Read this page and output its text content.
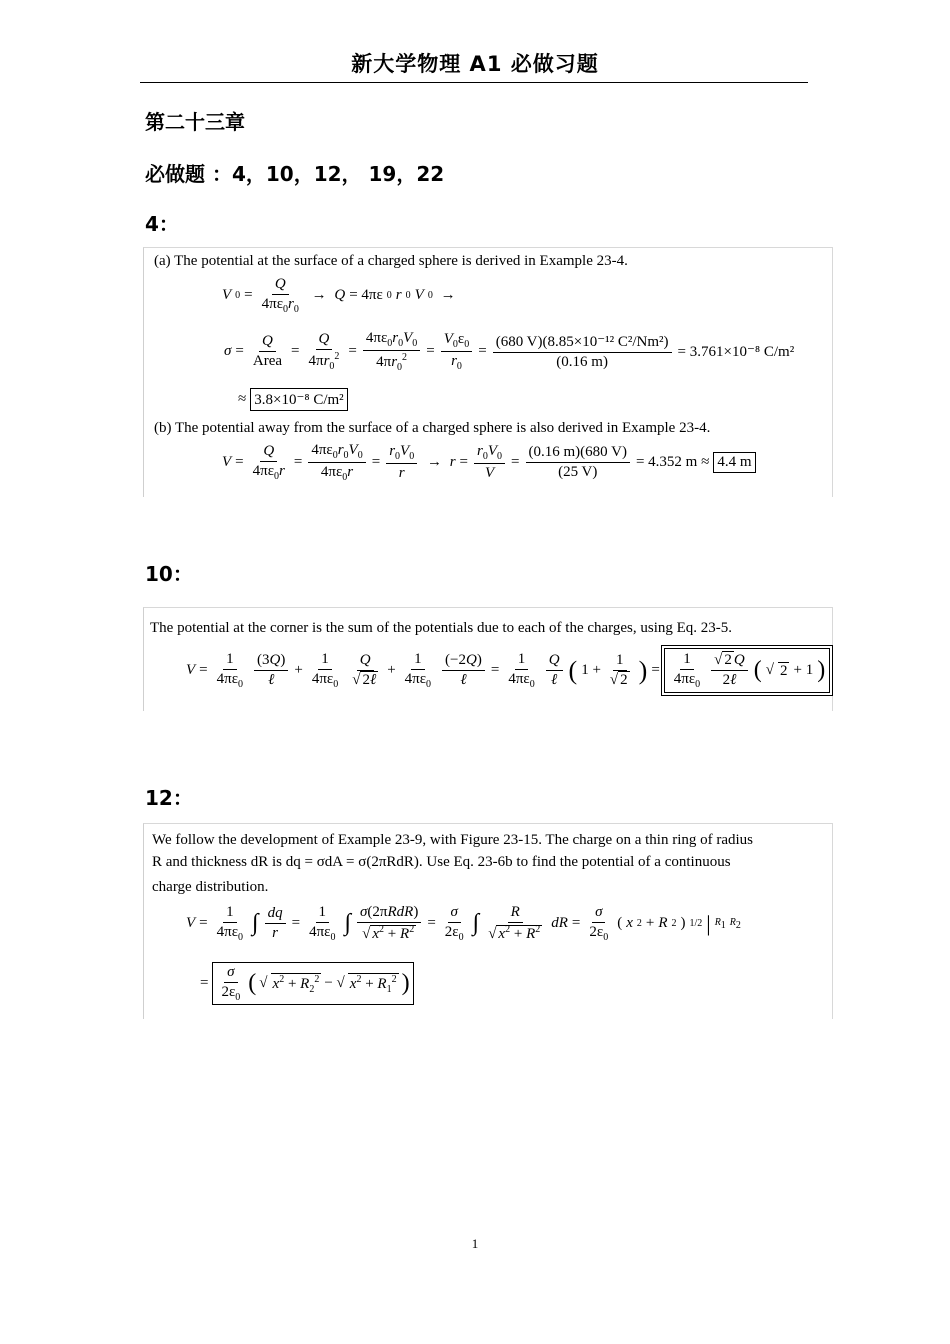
新大学物理 A1 必做习题
第二十三章
必做题 ：4，10，12， 19，22
4：
(a) The potential at the surface of a charged sphere is derived in Example 23-4.
V $0 = \frac{Q}{4\pi\varepsilon_0r_0} \to Q = 4\pi\varepsilon$ 0 r 0 V 0 →
$\sigma = \frac{Q}{\text{Area}} = \frac{Q}{4\pi r_0^2} = \frac{4\pi\varepsilon_0r_0V_0}{4\pi r_0^2} = \frac{V_0\varepsilon_0}{r_0} = \frac{\text{(680 V)(8.85×10⁻¹² C²/Nm²)}}{(0.16 m)} = 3.761\times 10^{-8}$ C/m²
≈ 3.8×10⁻⁸ C/m²
(b) The potential away from the surface of a charged sphere is also derived in Example 23-4.
$V = \frac{Q}{4\pi\varepsilon_0r} = \frac{4\pi\varepsilon_0r_0V_0}{4\pi\varepsilon_0r} = \frac{r_0V_0}{r} \to r = \frac{r_0V_0}{V} = \frac{(0.16 m)(680 V)}{(25 V)} = 4.352$ m ≈ 4.4 m
10：
The potential at the corner is the sum of the potentials due to each of the charges, using Eq. 23-5.
$V = \frac{1}{4\pi\varepsilon_0} \frac{(3Q)}{\text{ℓ}} + \frac{1}{4\pi\varepsilon_0} \frac{Q}{\text{√ 2ℓ}} + \frac{1}{4\pi\varepsilon_0} \frac{(-2Q)}{\text{ℓ}} = \frac{1}{4\pi\varepsilon_0} \frac{Q}{\text{ℓ}}$ ( $1 + \frac{1}{√ 2}$ ) = $\frac{1}{4\pi\varepsilon_0} \frac{√ 2 Q}{\text{2ℓ}}$ ( √ 2 + 1 )
12：
We follow the development of Example 23-9, with Figure 23-15. The charge on a thin ring of radius
R and thickness dR is dq = σdA = σ(2πRdR). Use Eq. 23-6b to find the potential of a continuous
charge distribution.
$V = \frac{1}{4\pi\varepsilon_0}$ ∫ $\frac{dq}{r} = \frac{1}{4\pi\varepsilon_0}$ ∫ $\frac{\text{σ(2πRdR)}}{√ x^2 + R^2} = \frac{\sigma}{2\varepsilon_0}$ ∫ $\frac{R}{√ x^2 + R^2}$ dR = $\frac{\sigma}{2\varepsilon_0}$ ( x 2 + R 2 ) 1/2 | $R_1$ $R_2$
= $\frac{\sigma}{2\varepsilon_0}$ ( √ $x^2 + R_2^2$ − √ $x^2 + R_1^2$ )
1
